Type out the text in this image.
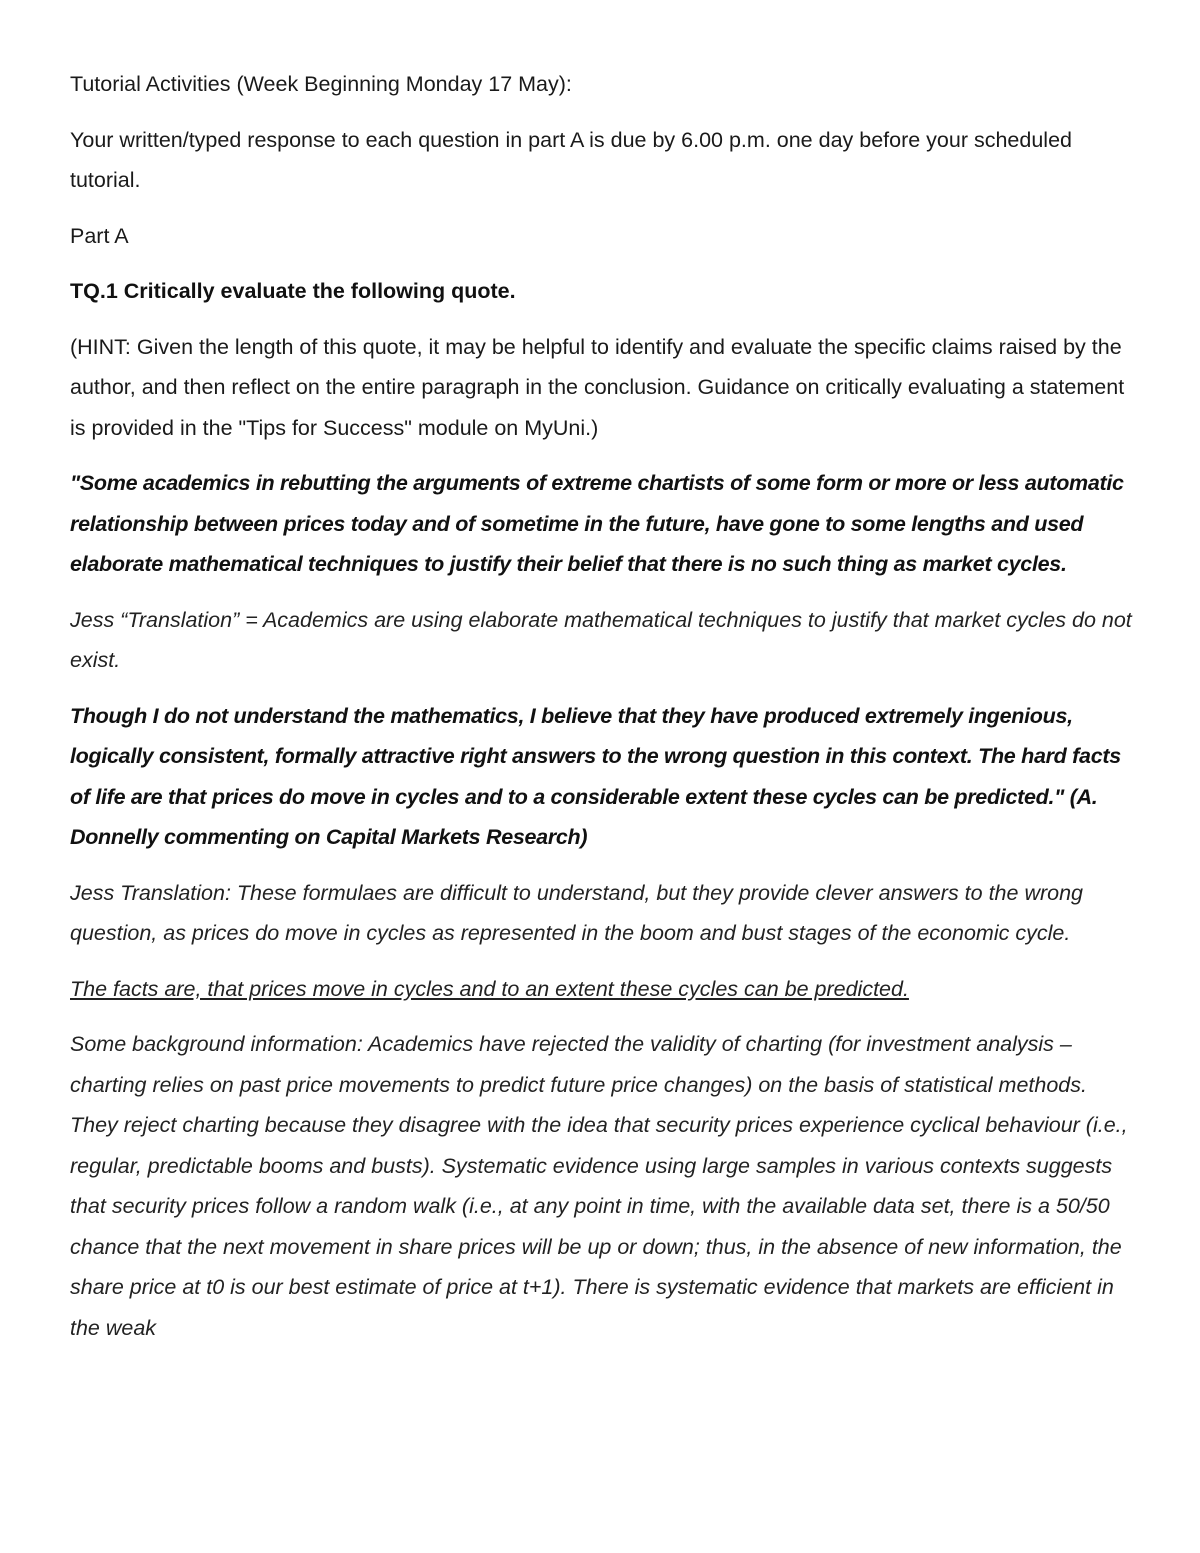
Tutorial Activities (Week Beginning Monday 17 May):

Your written/typed response to each question in part A is due by 6.00 p.m. one day before your scheduled tutorial.

Part A

TQ.1 Critically evaluate the following quote.

(HINT: Given the length of this quote, it may be helpful to identify and evaluate the specific claims raised by the author, and then reflect on the entire paragraph in the conclusion. Guidance on critically evaluating a statement is provided in the "Tips for Success" module on MyUni.)

"Some academics in rebutting the arguments of extreme chartists of some form or more or less automatic relationship between prices today and of sometime in the future, have gone to some lengths and used elaborate mathematical techniques to justify their belief that there is no such thing as market cycles.

Jess “Translation” = Academics are using elaborate mathematical techniques to justify that market cycles do not exist.

Though I do not understand the mathematics, I believe that they have produced extremely ingenious, logically consistent, formally attractive right answers to the wrong question in this context. The hard facts of life are that prices do move in cycles and to a considerable extent these cycles can be predicted." (A. Donnelly commenting on Capital Markets Research)

Jess Translation: These formulaes are difficult to understand, but they provide clever answers to the wrong question, as prices do move in cycles as represented in the boom and bust stages of the economic cycle.

The facts are, that prices move in cycles and to an extent these cycles can be predicted.

Some background information: Academics have rejected the validity of charting (for investment analysis – charting relies on past price movements to predict future price changes) on the basis of statistical methods. They reject charting because they disagree with the idea that security prices experience cyclical behaviour (i.e., regular, predictable booms and busts). Systematic evidence using large samples in various contexts suggests that security prices follow a random walk (i.e., at any point in time, with the available data set, there is a 50/50 chance that the next movement in share prices will be up or down; thus, in the absence of new information, the share price at t0 is our best estimate of price at t+1). There is systematic evidence that markets are efficient in the weak
